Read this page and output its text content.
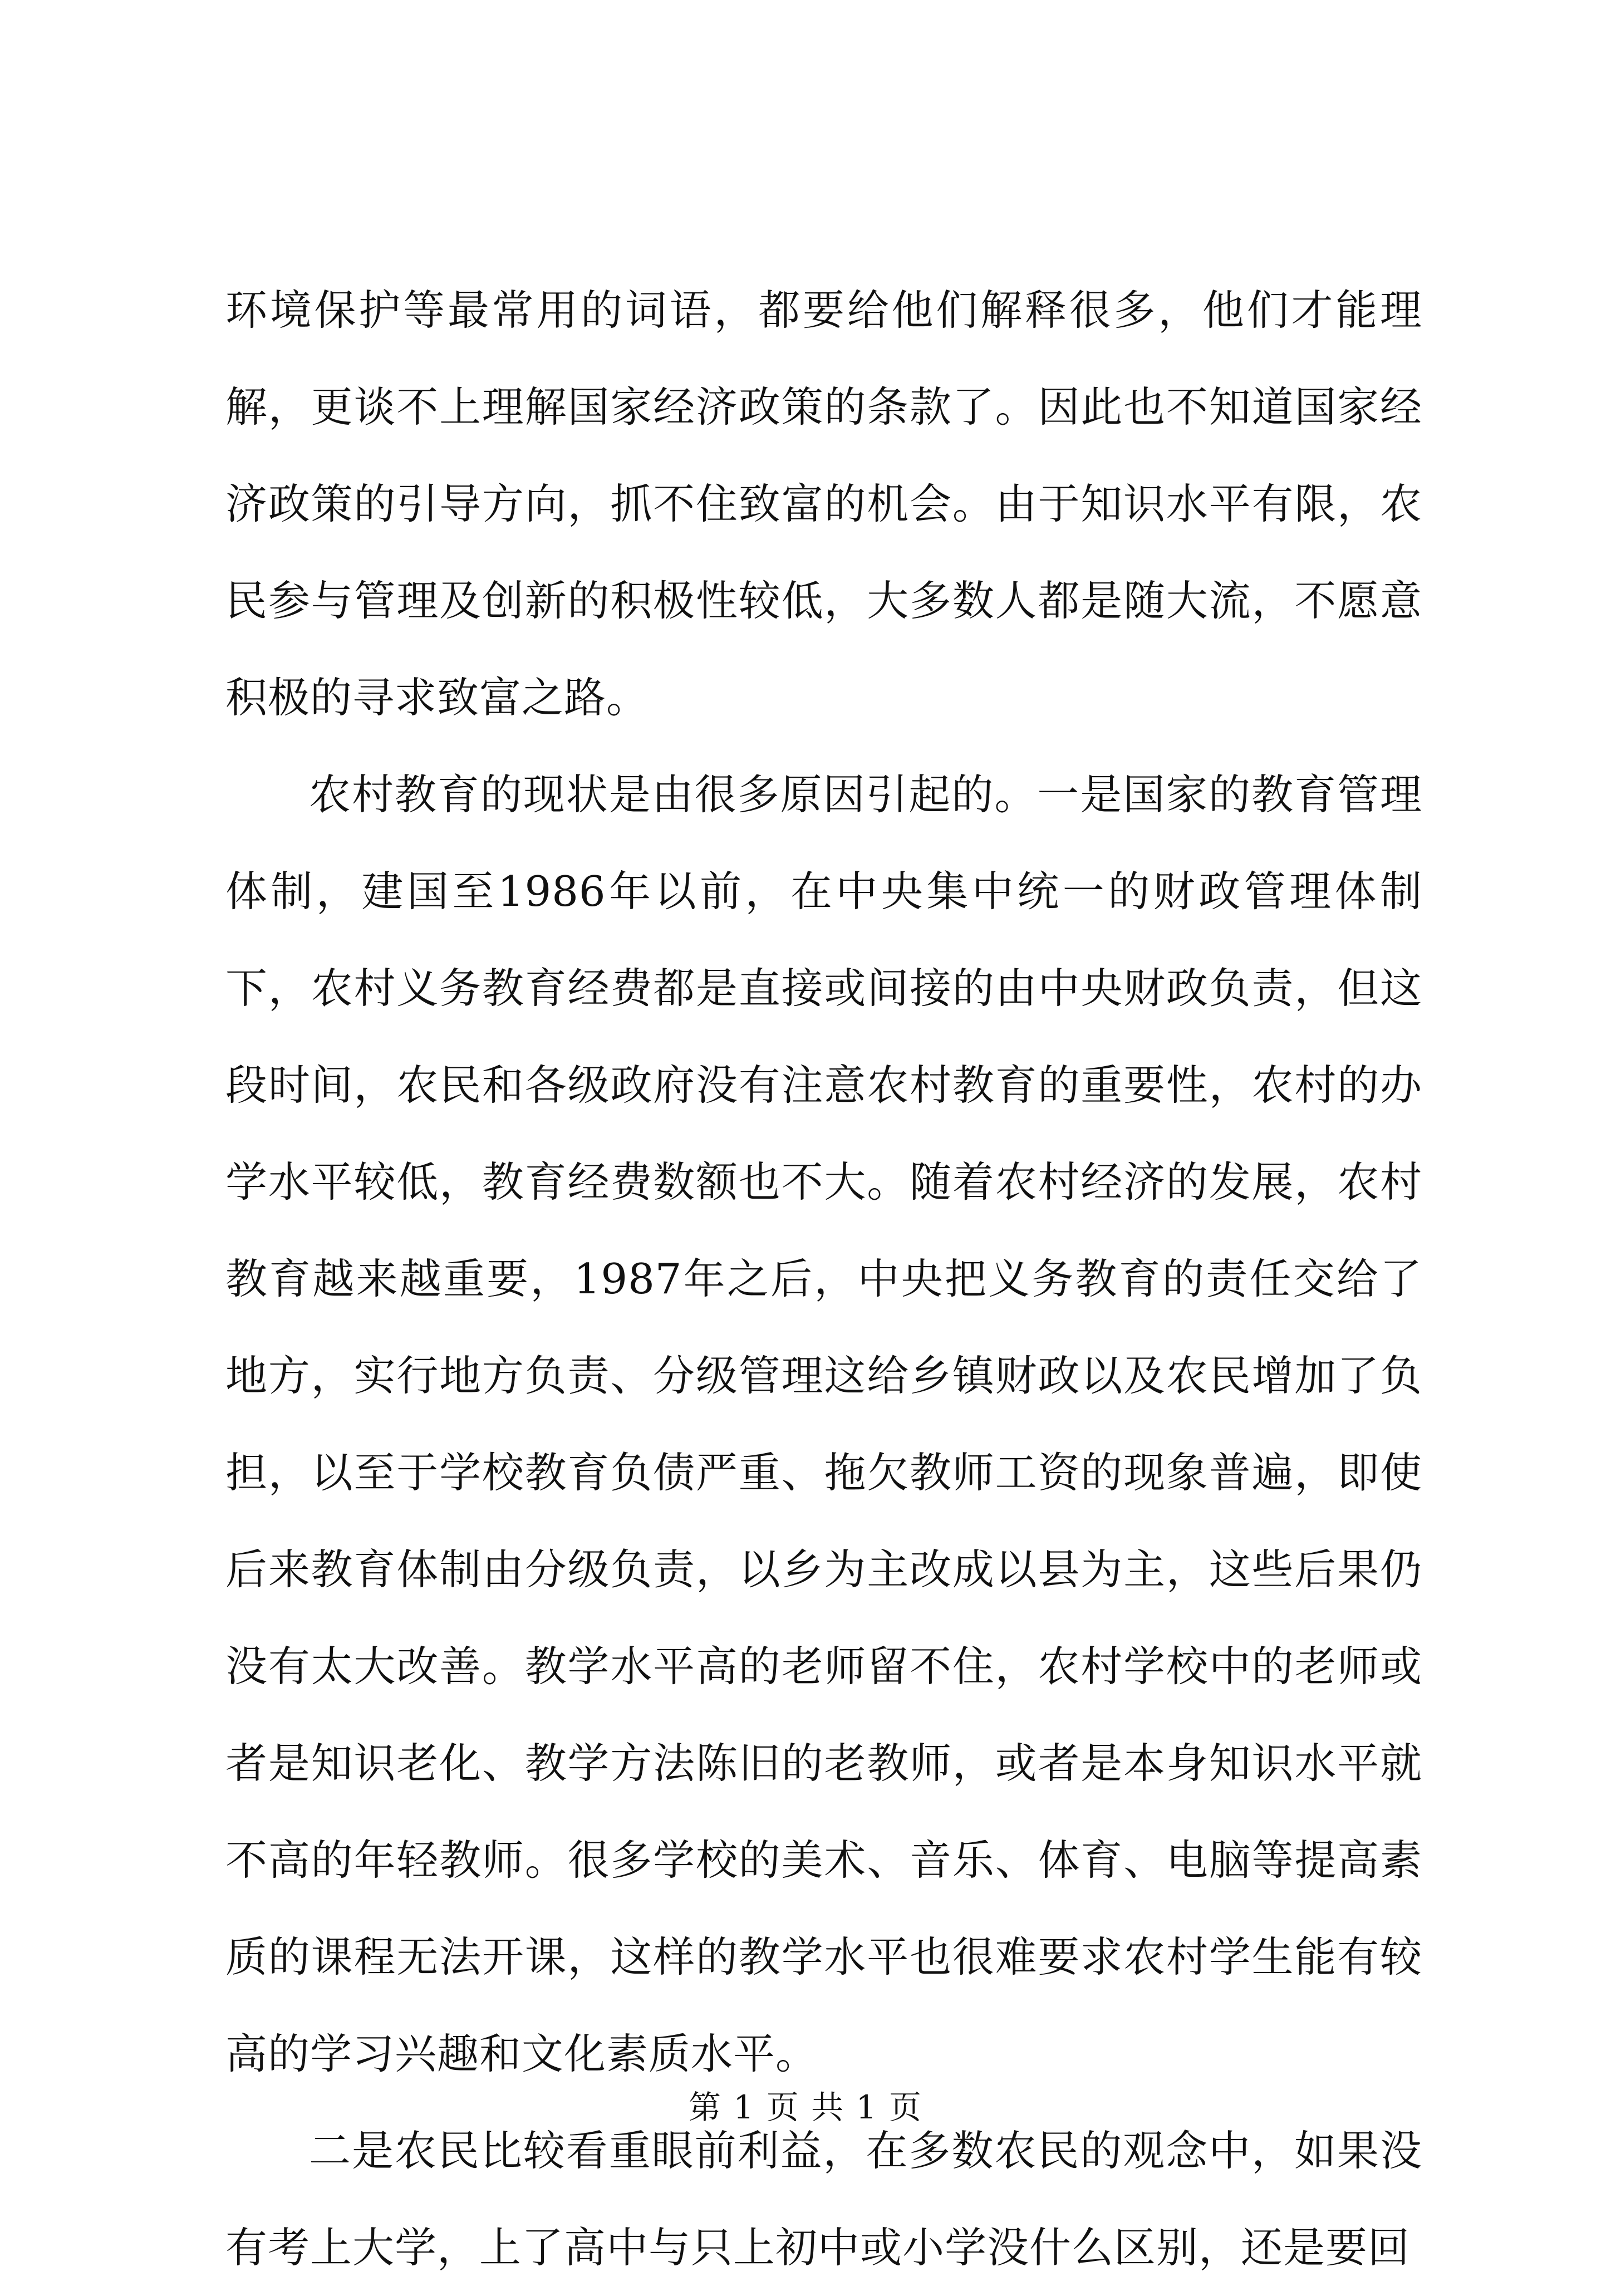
环境保护等最常用的词语，都要给他们解释很多，他们才能理解，更谈不上理解国家经济政策的条款了。因此也不知道国家经济政策的引导方向，抓不住致富的机会。由于知识水平有限，农民参与管理及创新的积极性较低，大多数人都是随大流，不愿意积极的寻求致富之路。

农村教育的现状是由很多原因引起的。一是国家的教育管理体制，建国至1986年以前，在中央集中统一的财政管理体制下，农村义务教育经费都是直接或间接的由中央财政负责，但这段时间，农民和各级政府没有注意农村教育的重要性，农村的办学水平较低，教育经费数额也不大。随着农村经济的发展，农村教育越来越重要，1987年之后，中央把义务教育的责任交给了地方，实行地方负责、分级管理这给乡镇财政以及农民增加了负担，以至于学校教育负债严重、拖欠教师工资的现象普遍，即使后来教育体制由分级负责，以乡为主改成以县为主，这些后果仍没有太大改善。教学水平高的老师留不住，农村学校中的老师或者是知识老化、教学方法陈旧的老教师，或者是本身知识水平就不高的年轻教师。很多学校的美术、音乐、体育、电脑等提高素质的课程无法开课，这样的教学水平也很难要求农村学生能有较高的学习兴趣和文化素质水平。

二是农民比较看重眼前利益，在多数农民的观念中，如果没有考上大学，上了高中与只上初中或小学没什么区别，还是要回

第 1 页 共 1 页
